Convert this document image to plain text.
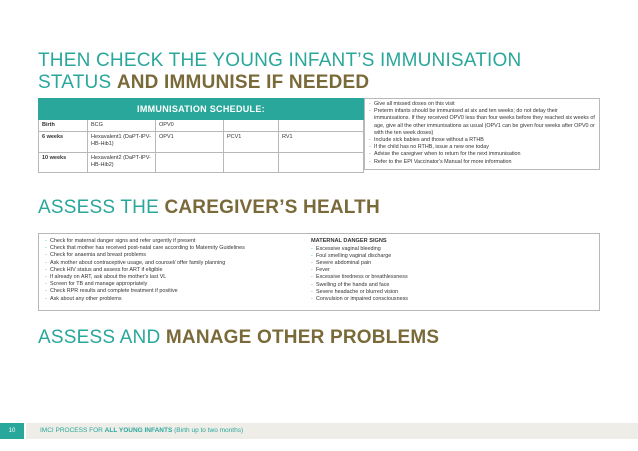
THEN CHECK THE YOUNG INFANT’S IMMUNISATION
STATUS AND IMMUNISE IF NEEDED
IMMUNISATION SCHEDULE:				
Birth	BCG	OPV0		
6 weeks	Hexavalent1 (DaPT-IPV-HB-Hib1)	OPV1	PCV1	RV1
10 weeks	Hexavalent2 (DaPT-IPV-HB-Hib2)			
- Give all missed doses on this visit
- Preterm infants should be immunised at six and ten weeks; do not delay their immunisations. If they received OPV0 less than four weeks before they reached six weeks of age, give all the other immunisations as usual (OPV1 can be given four weeks after OPV0 or with the ten week doses)
- Include sick babies and those without a RTHB
- If the child has no RTHB, issue a new one today
- Advise the caregiver when to return for the next immunisation
- Refer to the EPI Vaccinator's Manual for more information
ASSESS THE CAREGIVER’S HEALTH
- Check for maternal danger signs and refer urgently if present
- Check that mother has received post-natal care according to Maternity Guidelines
- Check for anaemia and breast problems
- Ask mother about contraceptive usage, and counsel/ offer family planning
- Check HIV status and assess for ART if eligible
- If already on ART, ask about the mother's last VL
- Screen for TB and manage appropriately
- Check RPR results and complete treatment if positive
- Ask about any other problems
MATERNAL DANGER SIGNS
- Excessive vaginal bleeding
- Foul smelling vaginal discharge
- Severe abdominal pain
- Fever
- Excessive tiredness or breathlessness
- Swelling of the hands and face
- Severe headache or blurred vision
- Convulsion or impaired consciousness
ASSESS AND MANAGE OTHER PROBLEMS
10	IMCI PROCESS FOR ALL YOUNG INFANTS (Birth up to two months)
